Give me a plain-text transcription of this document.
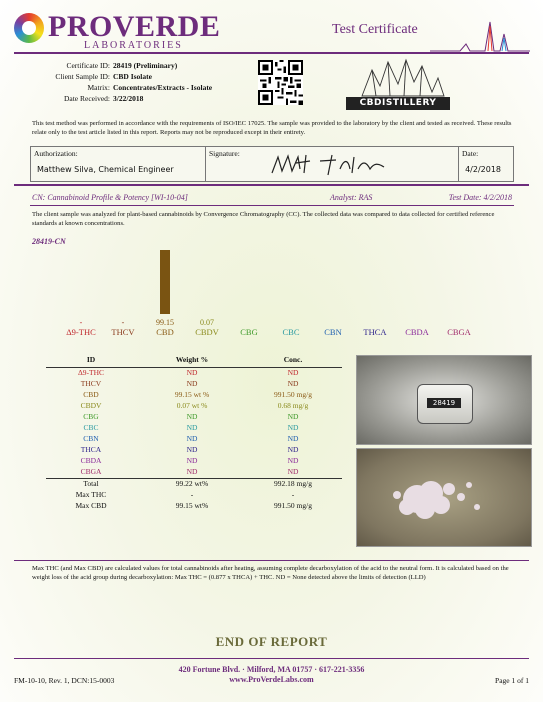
PROVERDE
LABORATORIES
Test Certificate
Certificate ID: 28419 (Preliminary)
Client Sample ID: CBD Isolate
Matrix: Concentrates/Extracts - Isolate
Date Received: 3/22/2018	CBDISTILLERY
This test method was performed in accordance with the requirements of ISO/IEC 17025. The sample was provided to the laboratory by the client and tested as received. These results relate only to the test article listed in this report. Reports may not be reproduced except in their entirety.
Authorization:
Matthew Silva, Chemical Engineer
Signature:	Date:
4/2/2018
CN: Cannabinoid Profile & Potency [WI-10-04]	Analyst: RAS	Test Date: 4/2/2018
The client sample was analyzed for plant-based cannabinoids by Convergence Chromatography (CC). The collected data was compared to data collected for certified reference standards at known concentrations.
28419-CN
-
Δ9-THC
-
THCV
99.15
CBD
0.07
CBDV	CBG	CBC	CBN	THCA CBDA CBGA
ID	Weight %	Conc.
Δ9-THC	ND	ND
THCV	ND	ND
CBD	99.15 wt %	991.50 mg/g
CBDV	0.07 wt %	0.68 mg/g
CBG	ND	ND
CBC	ND	ND
CBN	ND	ND
THCA	ND	ND
CBDA	ND	ND
CBGA	ND	ND
Total	99.22 wt%	992.18 mg/g
Max THC	-	-
Max CBD	99.15 wt%	991.50 mg/g
28419
Max THC (and Max CBD) are calculated values for total cannabinoids after heating, assuming complete decarboxylation of the acid to the neutral form. It is calculated based on the weight loss of the acid group during decarboxylation: Max THC = (0.877 x THCA) + THC. ND = None detected above the limits of detection (LLD)
END OF REPORT
420 Fortune Blvd. · Milford, MA 01757 · 617-221-3356
www.ProVerdeLabs.com
FM-10-10, Rev. 1, DCN:15-0003	Page 1 of 1
